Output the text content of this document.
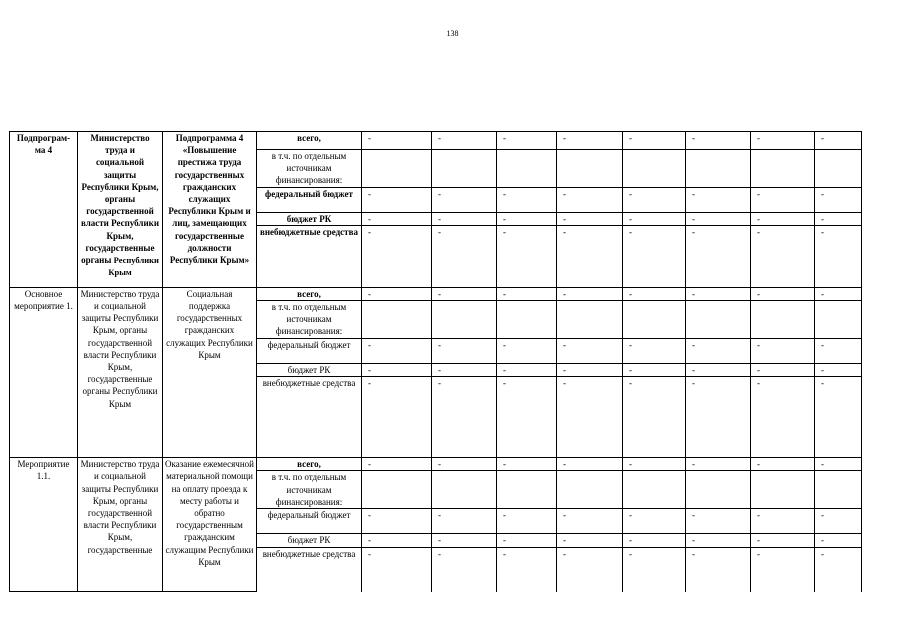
138
Подпрограм-ма 4	Министерство труда и социальной защиты Республики Крым, органы государственной власти Республики Крым, государственные органы Республики Крым	Подпрограмма 4 «Повышение престижа труда государственных гражданских служащих Республики Крым и лиц, замещающих государственные должности Республики Крым»	всего,	-	-	-	-	-	-	-	-
			в т.ч. по отдельным источникам финансирования:								
			федеральный бюджет	-	-	-	-	-	-	-	-
			бюджет РК	-	-	-	-	-	-	-	-
			внебюджетные средства	-	-	-	-	-	-	-	-
Основное мероприятие 1.	Министерство труда и социальной защиты Республики Крым, органы государственной власти Республики Крым, государственные органы Республики Крым	Социальная поддержка государственных гражданских служащих Республики Крым	всего,	-	-	-	-	-	-	-	-
			в т.ч. по отдельным источникам финансирования:								
			федеральный бюджет	-	-	-	-	-	-	-	-
			бюджет РК	-	-	-	-	-	-	-	-
			внебюджетные средства	-	-	-	-	-	-	-	-
Мероприятие 1.1.	Министерство труда и социальной защиты Республики Крым, органы государственной власти Республики Крым, государственные	Оказание ежемесячной материальной помощи на оплату проезда к месту работы и обратно государственным гражданским служащим Республики Крым	всего,	-	-	-	-	-	-	-	-
			в т.ч. по отдельным источникам финансирования:								
			федеральный бюджет	-	-	-	-	-	-	-	-
			бюджет РК	-	-	-	-	-	-	-	-
			внебюджетные средства	-	-	-	-	-	-	-	-
